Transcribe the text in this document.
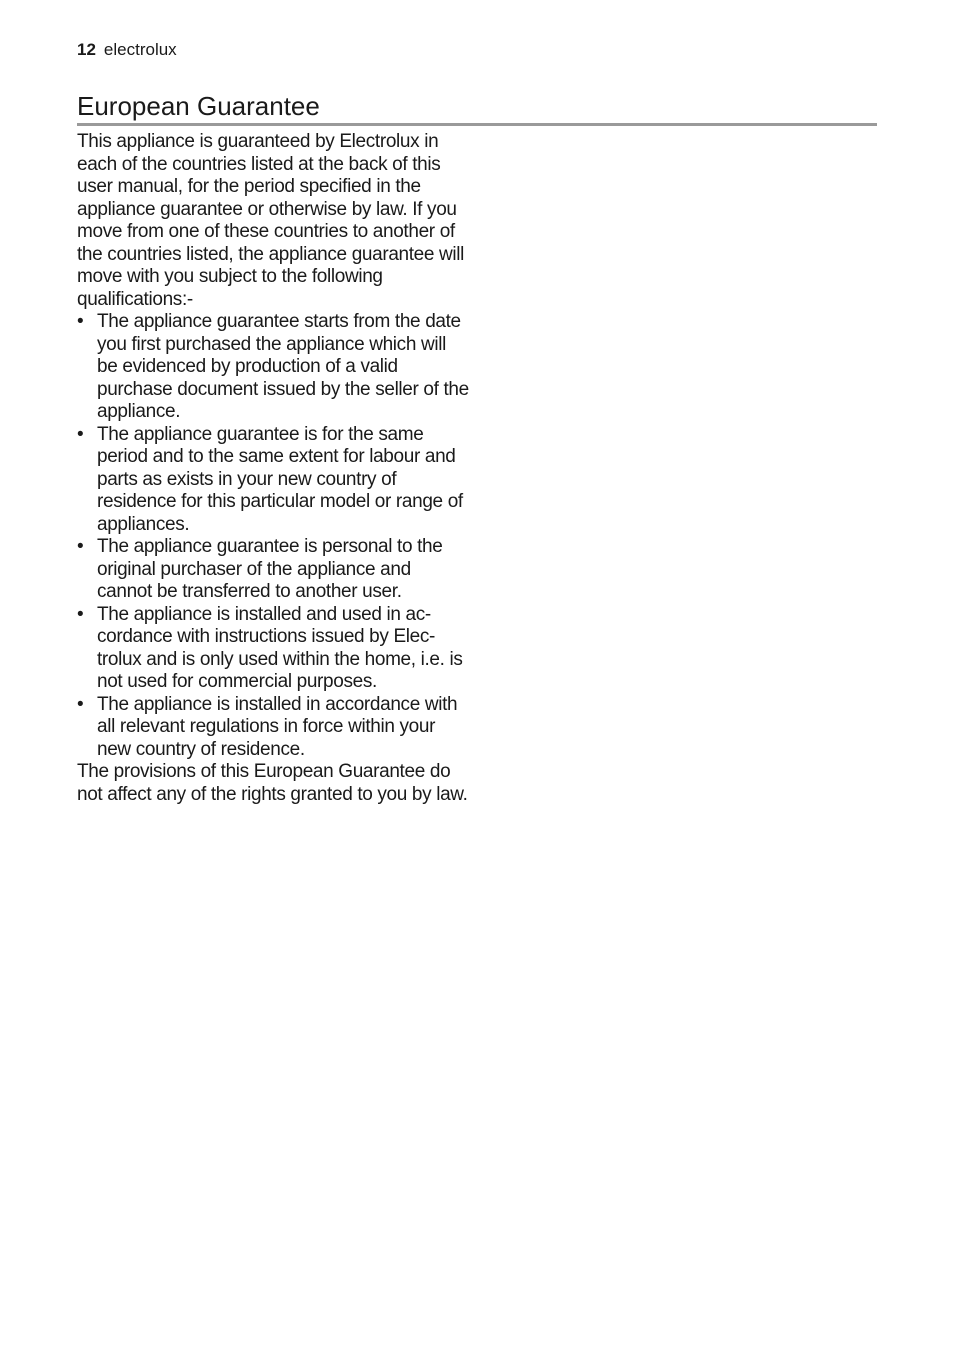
12 electrolux
European Guarantee

This appliance is guaranteed by Electrolux in each of the countries listed at the back of this user manual, for the period specified in the appliance guarantee or otherwise by law. If you move from one of these countries to another of the countries listed, the appliance guarantee will move with you subject to the following qualifications:-

• The appliance guarantee starts from the date you first purchased the appliance which will be evidenced by production of a valid purchase document issued by the seller of the appliance.
• The appliance guarantee is for the same period and to the same extent for labour and parts as exists in your new country of residence for this particular model or range of appliances.
• The appliance guarantee is personal to the original purchaser of the appliance and cannot be transferred to another user.
• The appliance is installed and used in accordance with instructions issued by Electrolux and is only used within the home, i.e. is not used for commercial purposes.
• The appliance is installed in accordance with all relevant regulations in force within your new country of residence.

The provisions of this European Guarantee do not affect any of the rights granted to you by law.
